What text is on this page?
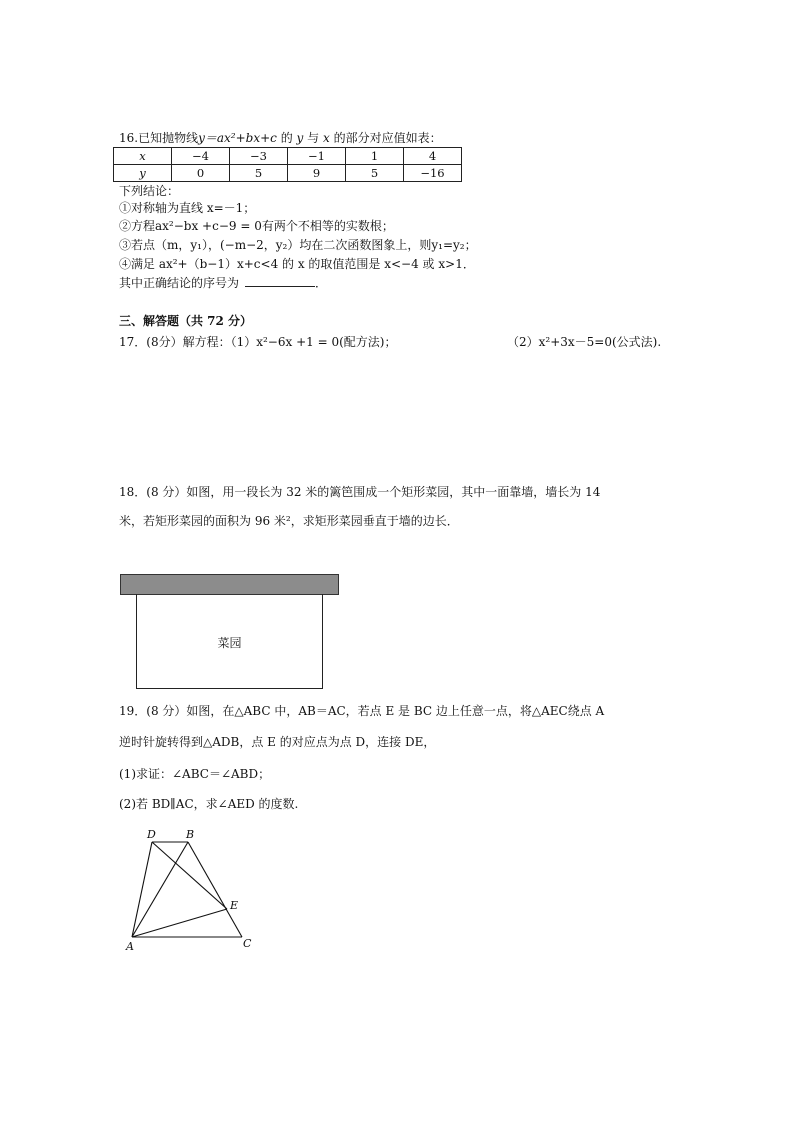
16.已知抛物线y＝ax²+bx+c 的 y 与 x 的部分对应值如表：
x	−4	−3	−1	1	4
y	0	5	9	5	−16
下列结论：
①对称轴为直线 x=－1；
②方程ax²−bx +c−9 = 0有两个不相等的实数根；
③若点（m，y₁），(−m−2，y₂）均在二次函数图象上，则y₁=y₂；
④满足 ax²+（b−1）x+c<4 的 x 的取值范围是 x<−4 或 x>1．
其中正确结论的序号为	．
三、解答题（共 72 分）
17．(8分）解方程：（1）x²−6x +1 = 0(配方法)；	（2）x²+3x－5=0(公式法).
18．(8 分）如图，用一段长为 32 米的篱笆围成一个矩形菜园，其中一面靠墙，墙长为 14
米，若矩形菜园的面积为 96 米²，求矩形菜园垂直于墙的边长．
菜园
19．(8 分）如图，在△ABC 中，AB＝AC，若点 E 是 BC 边上任意一点，将△AEC绕点 A
逆时针旋转得到△ADB，点 E 的对应点为点 D，连接 DE，
(1)求证：∠ABC＝∠ABD；
(2)若 BD∥AC，求∠AED 的度数.
D	B
E
A	C
